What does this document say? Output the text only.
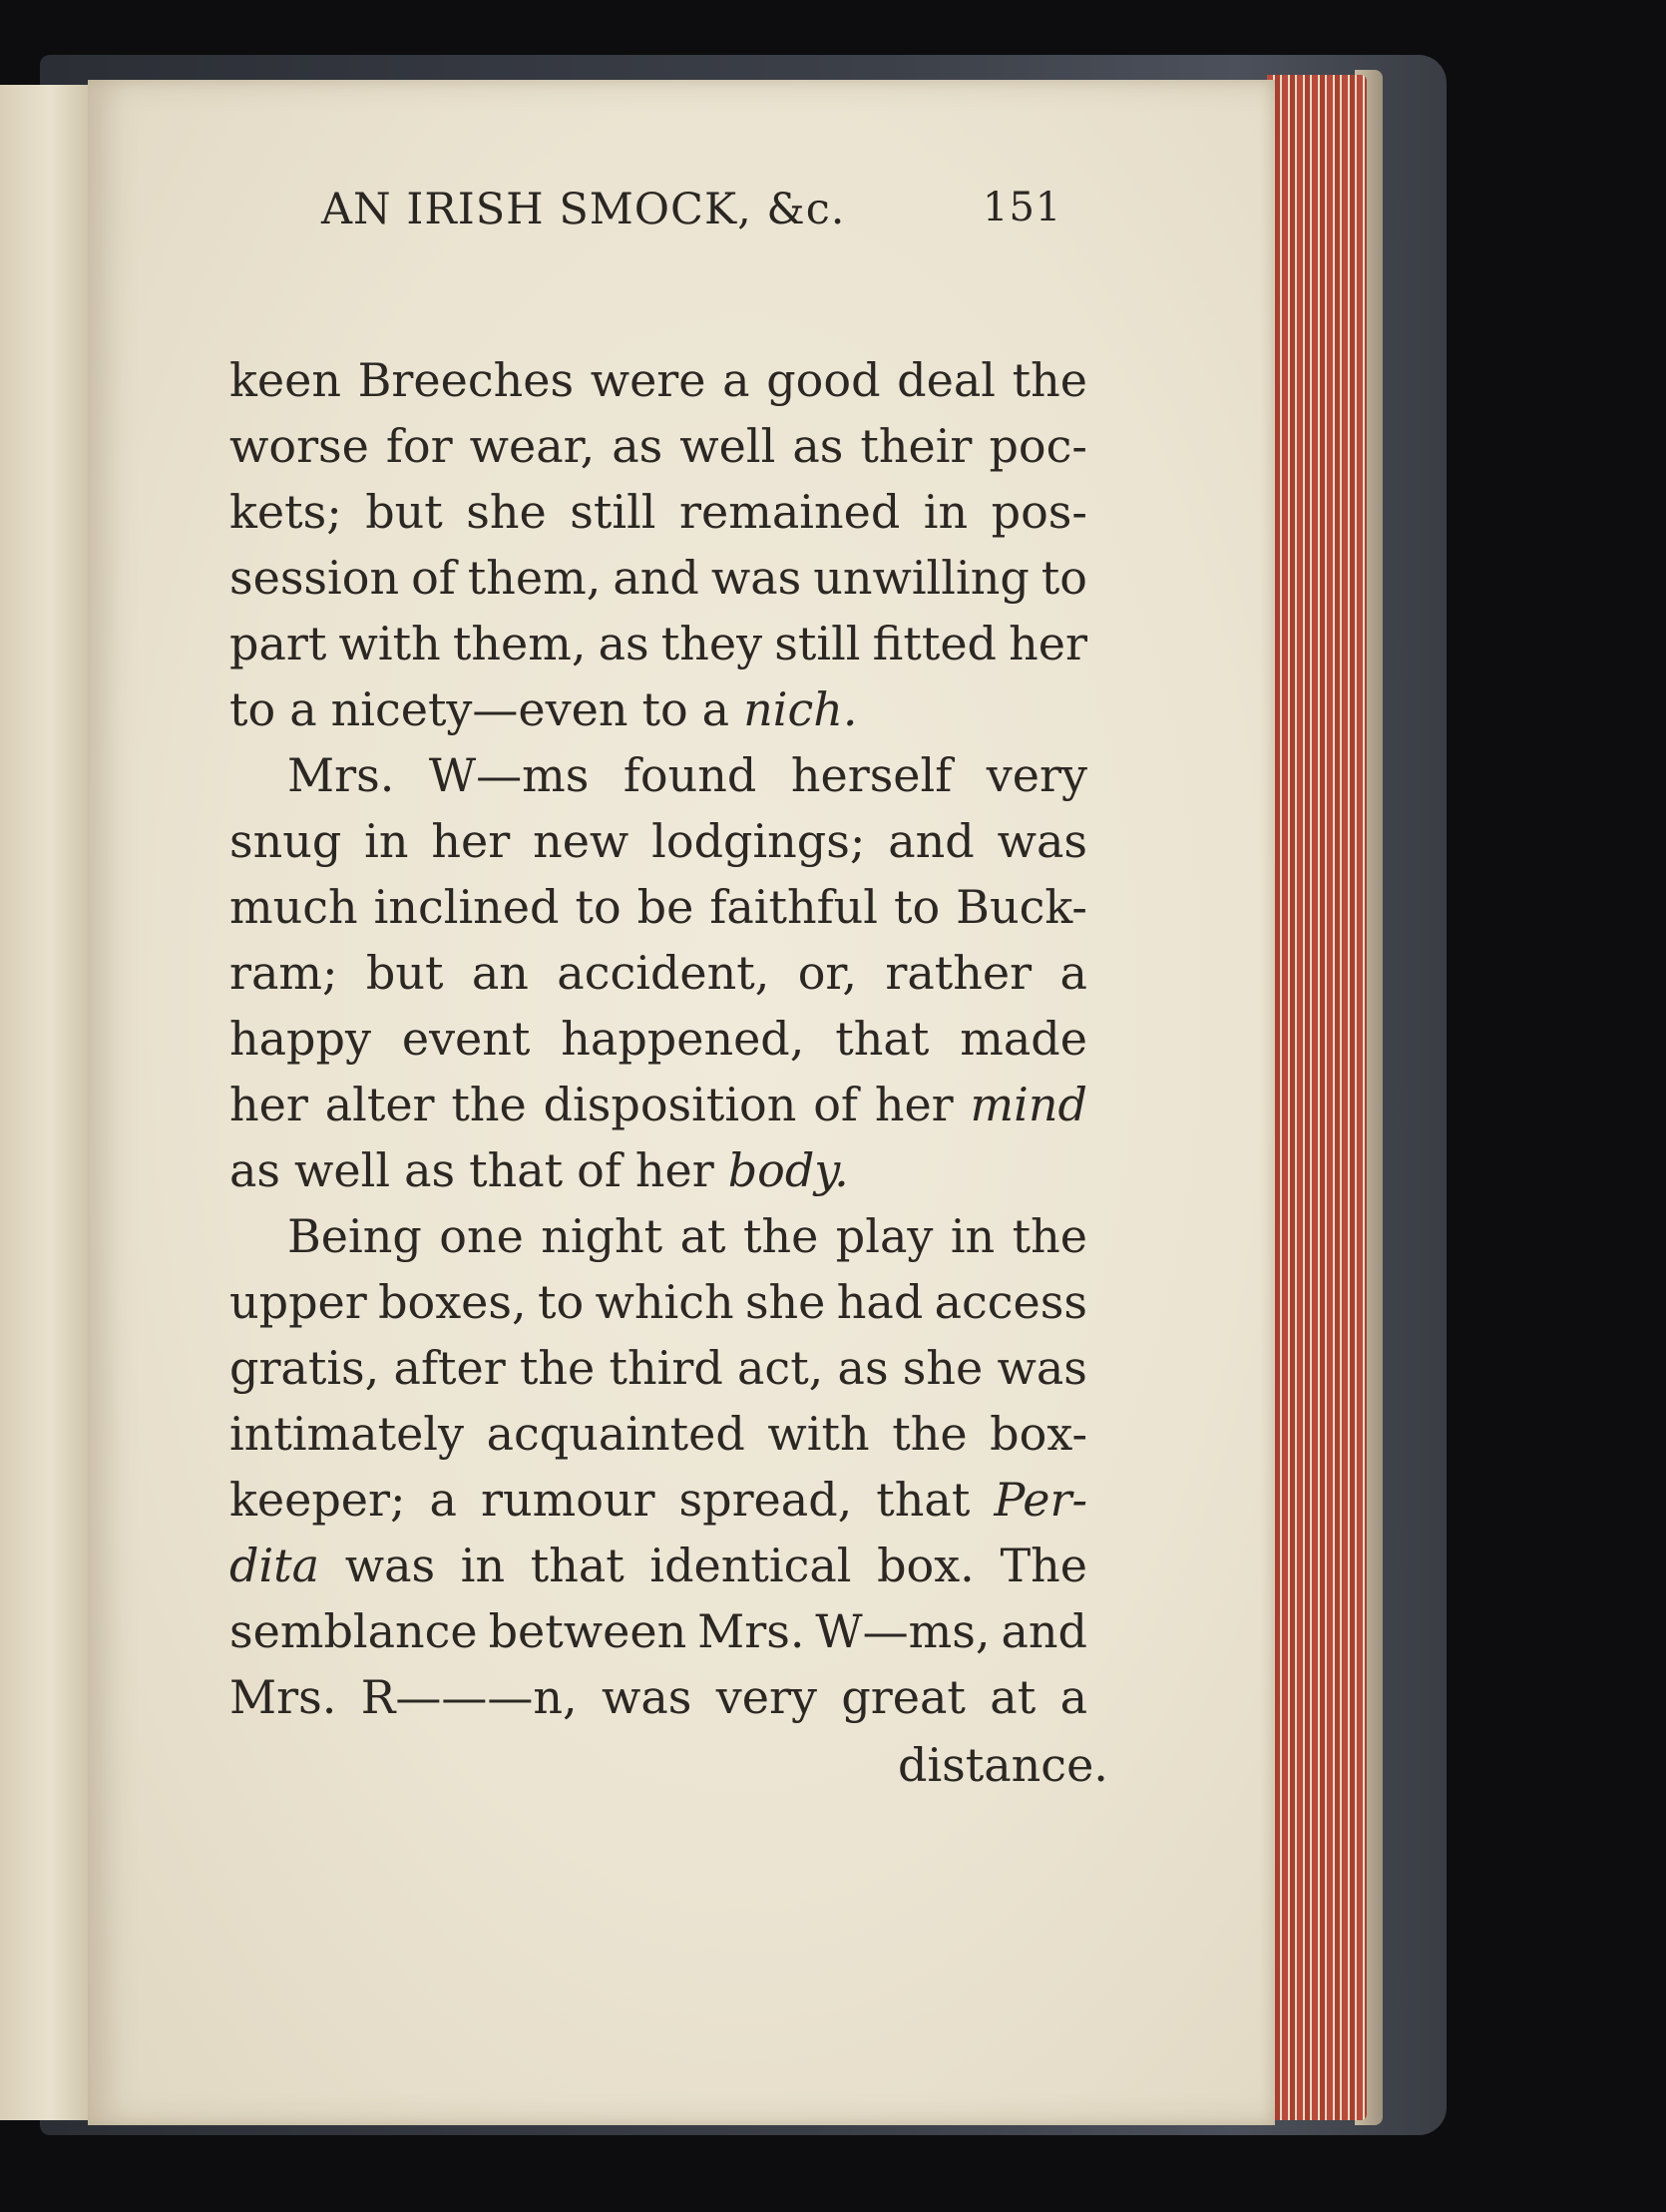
AN IRISH SMOCK, &c.	151
keen Breeches were a good deal the
worse for wear, as well as their poc-
kets; but she still remained in pos-
session of them, and was unwilling to
part with them, as they still fitted her
to a nicety—even to a nich.
Mrs. W—ms found herself very
snug in her new lodgings; and was
much inclined to be faithful to Buck-
ram; but an accident, or, rather a
happy event happened, that made
her alter the disposition of her mind
as well as that of her body.
Being one night at the play in the
upper boxes, to which she had access
gratis, after the third act, as she was
intimately acquainted with the box-
keeper; a rumour spread, that Per-
dita was in that identical box. The
semblance between Mrs. W—ms, and
Mrs. R———n, was very great at a
distance.
